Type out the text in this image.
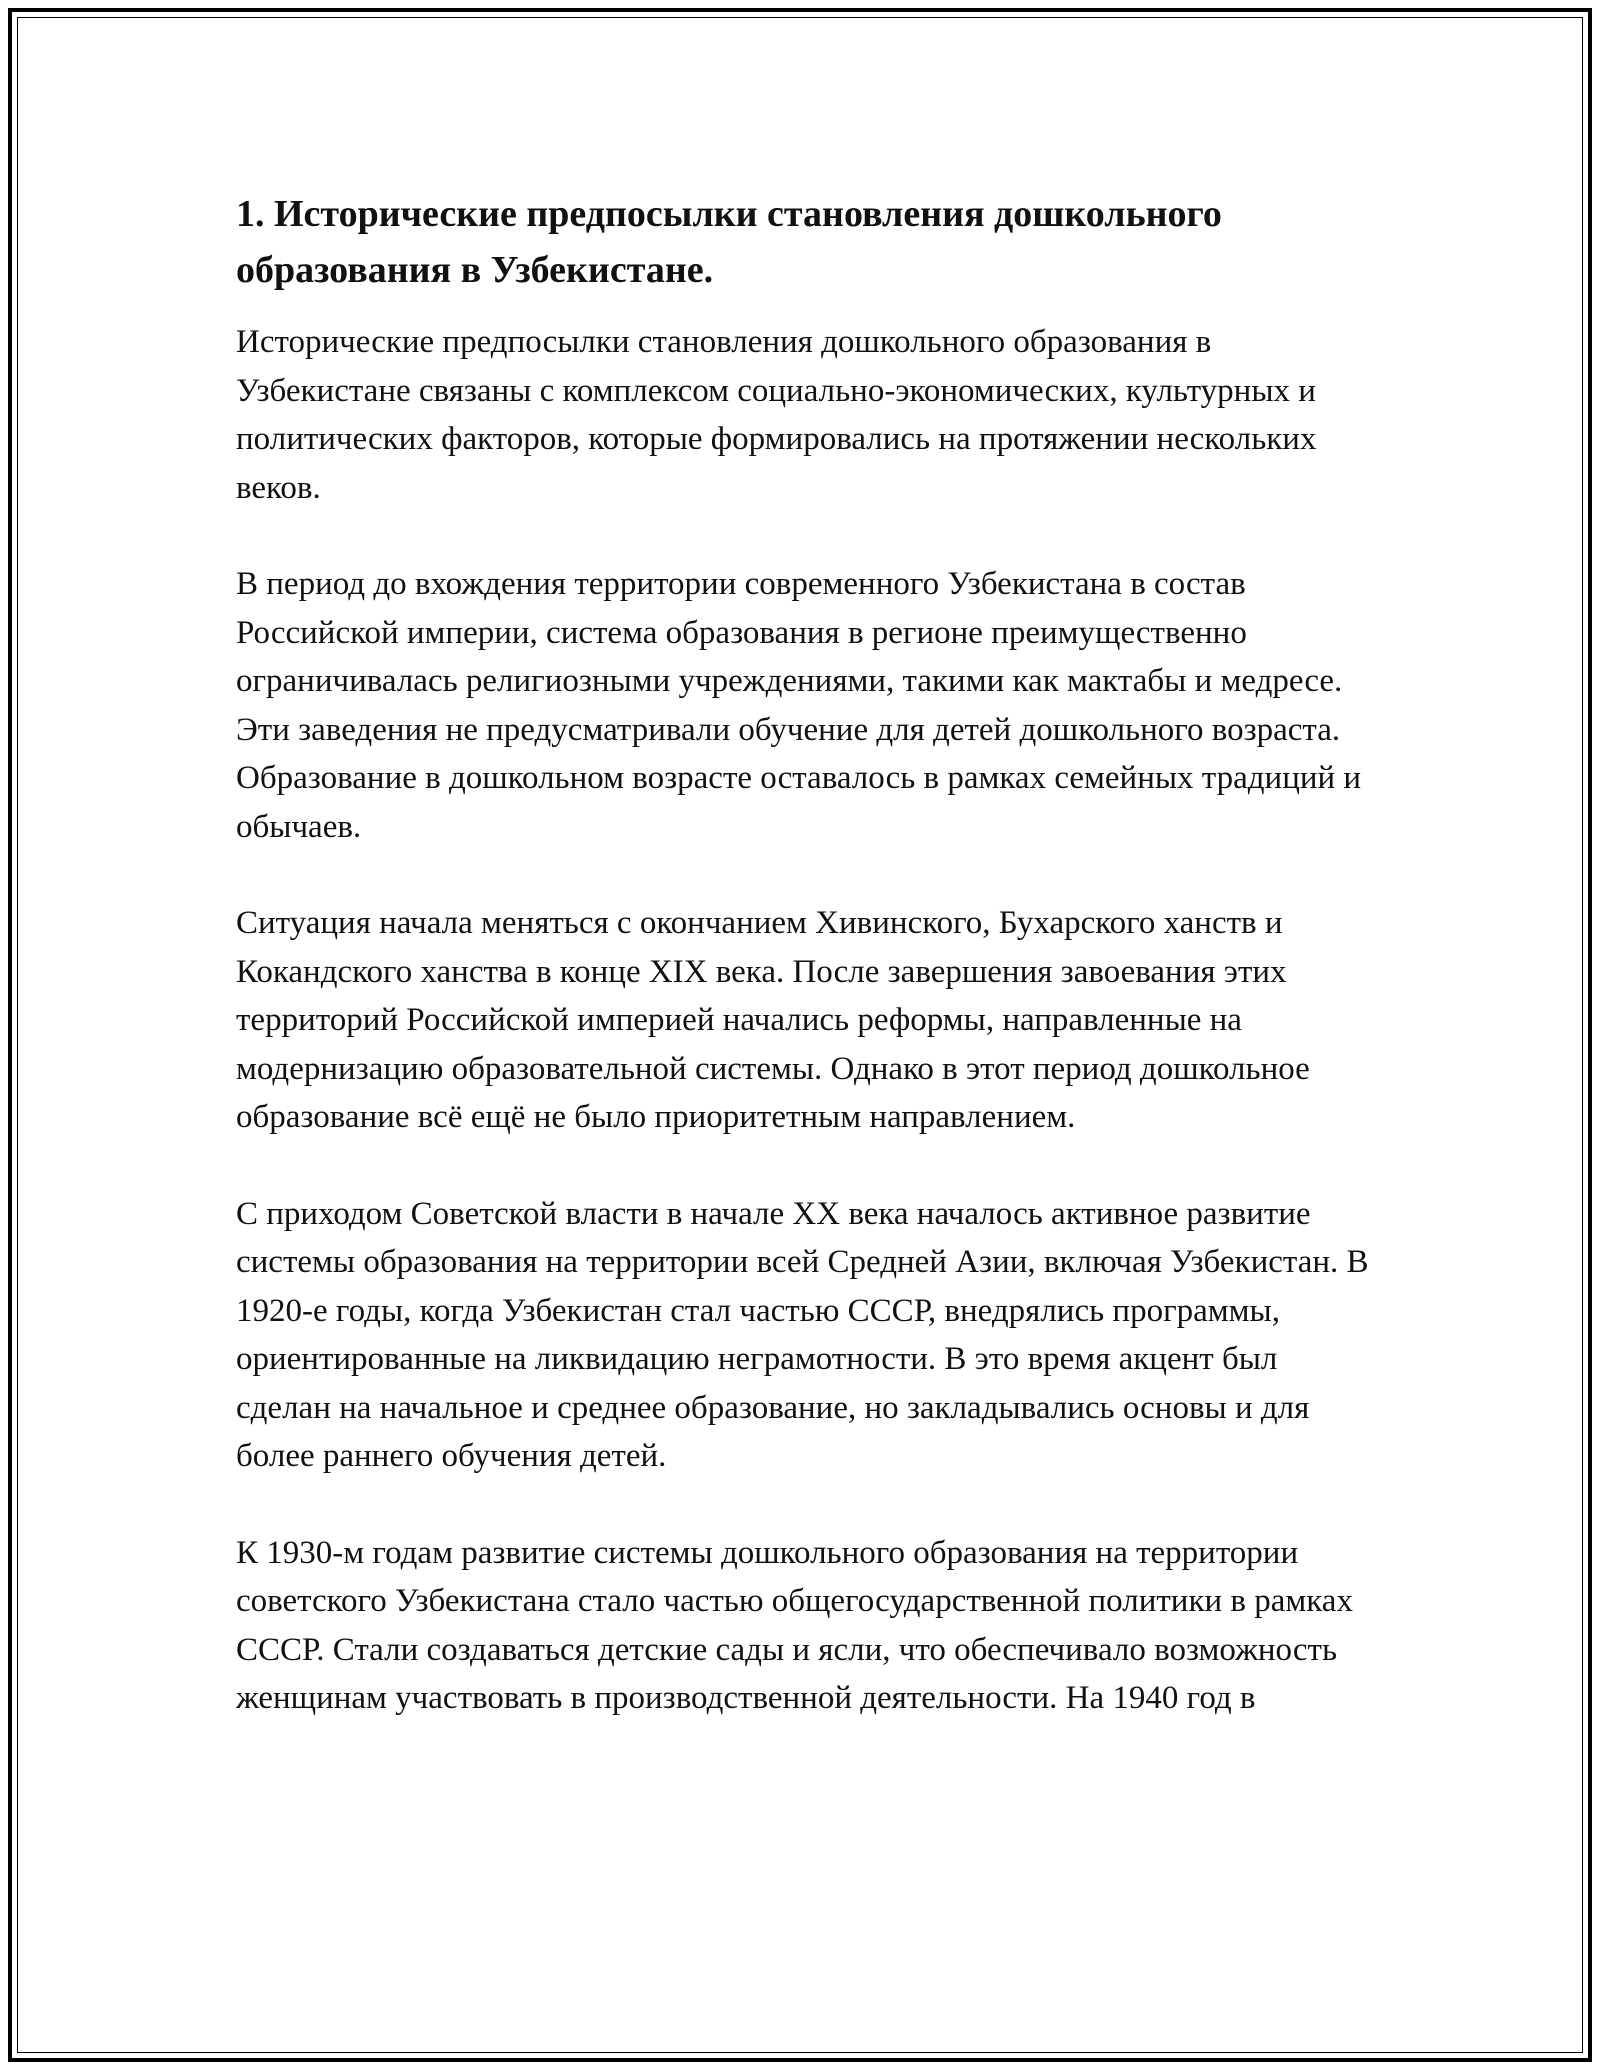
1. Исторические предпосылки становления дошкольного образования в Узбекистане.

Исторические предпосылки становления дошкольного образования в Узбекистане связаны с комплексом социально-экономических, культурных и политических факторов, которые формировались на протяжении нескольких веков.

В период до вхождения территории современного Узбекистана в состав Российской империи, система образования в регионе преимущественно ограничивалась религиозными учреждениями, такими как мактабы и медресе. Эти заведения не предусматривали обучение для детей дошкольного возраста. Образование в дошкольном возрасте оставалось в рамках семейных традиций и обычаев.

Ситуация начала меняться с окончанием Хивинского, Бухарского ханств и Кокандского ханства в конце XIX века. После завершения завоевания этих территорий Российской империей начались реформы, направленные на модернизацию образовательной системы. Однако в этот период дошкольное образование всё ещё не было приоритетным направлением.

С приходом Советской власти в начале XX века началось активное развитие системы образования на территории всей Средней Азии, включая Узбекистан. В 1920-е годы, когда Узбекистан стал частью СССР, внедрялись программы, ориентированные на ликвидацию неграмотности. В это время акцент был сделан на начальное и среднее образование, но закладывались основы и для более раннего обучения детей.

К 1930-м годам развитие системы дошкольного образования на территории советского Узбекистана стало частью общегосударственной политики в рамках СССР. Стали создаваться детские сады и ясли, что обеспечивало возможность женщинам участвовать в производственной деятельности. На 1940 год в
